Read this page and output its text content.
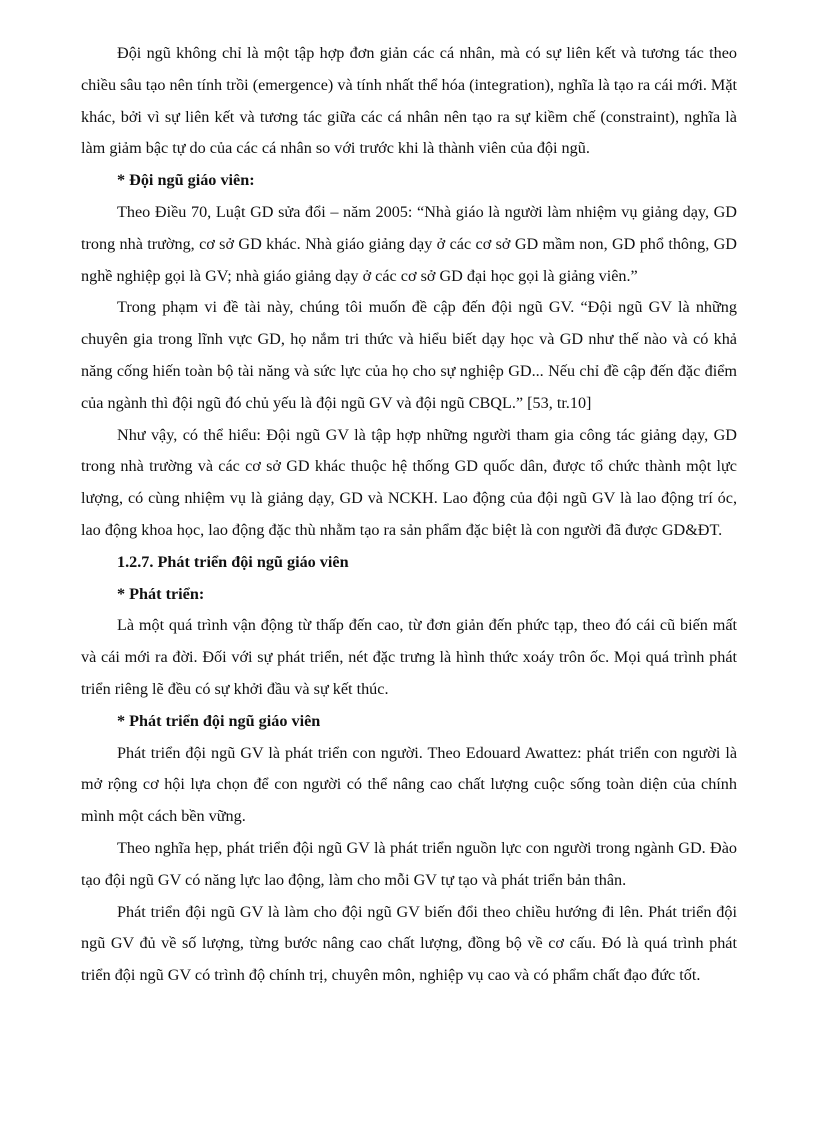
Đội ngũ không chỉ là một tập hợp đơn giản các cá nhân, mà có sự liên kết và tương tác theo chiều sâu tạo nên tính trồi (emergence) và tính nhất thể hóa (integration), nghĩa là tạo ra cái mới. Mặt khác, bởi vì sự liên kết và tương tác giữa các cá nhân nên tạo ra sự kiềm chế (constraint), nghĩa là làm giảm bậc tự do của các cá nhân so với trước khi là thành viên của đội ngũ.

* Đội ngũ giáo viên:

Theo Điều 70, Luật GD sửa đổi – năm 2005: “Nhà giáo là người làm nhiệm vụ giảng dạy, GD trong nhà trường, cơ sở GD khác. Nhà giáo giảng dạy ở các cơ sở GD mầm non, GD phổ thông, GD nghề nghiệp gọi là GV; nhà giáo giảng dạy ở các cơ sở GD đại học gọi là giảng viên.”

Trong phạm vi đề tài này, chúng tôi muốn đề cập đến đội ngũ GV. “Đội ngũ GV là những chuyên gia trong lĩnh vực GD, họ nắm tri thức và hiểu biết dạy học và GD như thế nào và có khả năng cống hiến toàn bộ tài năng và sức lực của họ cho sự nghiệp GD... Nếu chỉ đề cập đến đặc điểm của ngành thì đội ngũ đó chủ yếu là đội ngũ GV và đội ngũ CBQL.” [53, tr.10]

Như vậy, có thể hiểu: Đội ngũ GV là tập hợp những người tham gia công tác giảng dạy, GD trong nhà trường và các cơ sở GD khác thuộc hệ thống GD quốc dân, được tổ chức thành một lực lượng, có cùng nhiệm vụ là giảng dạy, GD và NCKH. Lao động của đội ngũ GV là lao động trí óc, lao động khoa học, lao động đặc thù nhằm tạo ra sản phẩm đặc biệt là con người đã được GD&ĐT.

1.2.7. Phát triển đội ngũ giáo viên

* Phát triển:

Là một quá trình vận động từ thấp đến cao, từ đơn giản đến phức tạp, theo đó cái cũ biến mất và cái mới ra đời. Đối với sự phát triển, nét đặc trưng là hình thức xoáy trôn ốc. Mọi quá trình phát triển riêng lẽ đều có sự khởi đầu và sự kết thúc.

* Phát triển đội ngũ giáo viên

Phát triển đội ngũ GV là phát triển con người. Theo Edouard Awattez: phát triển con người là mở rộng cơ hội lựa chọn để con người có thể nâng cao chất lượng cuộc sống toàn diện của chính mình một cách bền vững.

Theo nghĩa hẹp, phát triển đội ngũ GV là phát triển nguồn lực con người trong ngành GD. Đào tạo đội ngũ GV có năng lực lao động, làm cho mỗi GV tự tạo và phát triển bản thân.

Phát triển đội ngũ GV là làm cho đội ngũ GV biến đổi theo chiều hướng đi lên. Phát triển đội ngũ GV đủ về số lượng, từng bước nâng cao chất lượng, đồng bộ về cơ cấu. Đó là quá trình phát triển đội ngũ GV có trình độ chính trị, chuyên môn, nghiệp vụ cao và có phẩm chất đạo đức tốt.
